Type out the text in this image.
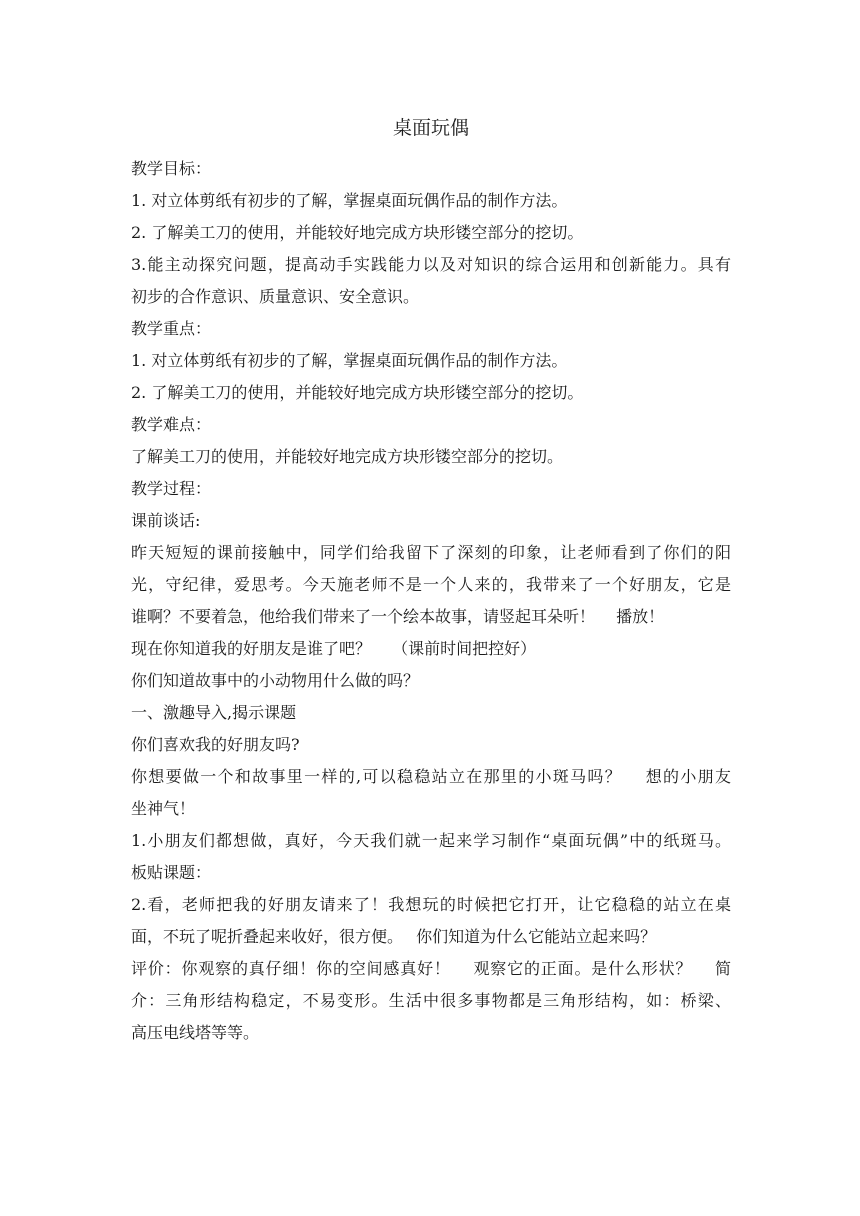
桌面玩偶
教学目标：
1. 对立体剪纸有初步的了解，掌握桌面玩偶作品的制作方法。
2. 了解美工刀的使用，并能较好地完成方块形镂空部分的挖切。
3.能主动探究问题，提高动手实践能力以及对知识的综合运用和创新能力。具有
初步的合作意识、质量意识、安全意识。
教学重点：
1. 对立体剪纸有初步的了解，掌握桌面玩偶作品的制作方法。
2. 了解美工刀的使用，并能较好地完成方块形镂空部分的挖切。
教学难点：
了解美工刀的使用，并能较好地完成方块形镂空部分的挖切。
教学过程：
课前谈话:
昨天短短的课前接触中，同学们给我留下了深刻的印象，让老师看到了你们的阳
光，守纪律，爱思考。今天施老师不是一个人来的，我带来了一个好朋友，它是
谁啊？不要着急，他给我们带来了一个绘本故事，请竖起耳朵听！　 播放！
现在你知道我的好朋友是谁了吧？　 （课前时间把控好）
你们知道故事中的小动物用什么做的吗？
一、激趣导入,揭示课题
你们喜欢我的好朋友吗?
你想要做一个和故事里一样的,可以稳稳站立在那里的小斑马吗？　 想的小朋友
坐神气！
1.小朋友们都想做，真好，今天我们就一起来学习制作“桌面玩偶”中的纸斑马。
板贴课题：
2.看，老师把我的好朋友请来了！我想玩的时候把它打开，让它稳稳的站立在桌
面，不玩了呢折叠起来收好，很方便。　 你们知道为什么它能站立起来吗？
评价：你观察的真仔细！你的空间感真好！　 观察它的正面。是什么形状？　 简
介：三角形结构稳定，不易变形。生活中很多事物都是三角形结构，如：桥梁、
高压电线塔等等。
